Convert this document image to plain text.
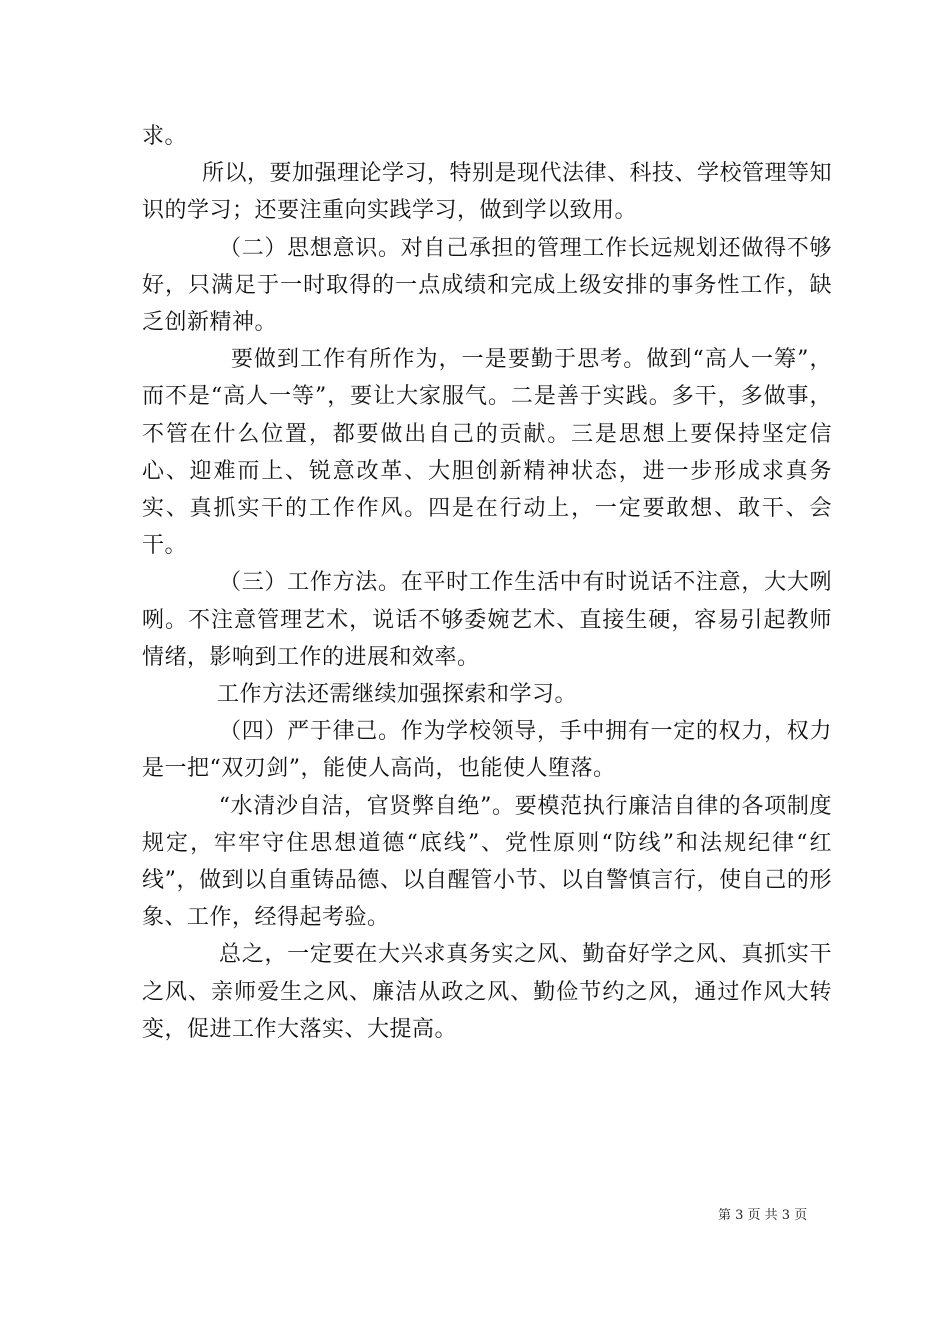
求。

所以，要加强理论学习，特别是现代法律、科技、学校管理等知识的学习；还要注重向实践学习，做到学以致用。

（二）思想意识。对自己承担的管理工作长远规划还做得不够好，只满足于一时取得的一点成绩和完成上级安排的事务性工作，缺乏创新精神。

要做到工作有所作为，一是要勤于思考。做到“高人一筹”，而不是“高人一等”，要让大家服气。二是善于实践。多干，多做事，不管在什么位置，都要做出自己的贡献。三是思想上要保持坚定信心、迎难而上、锐意改革、大胆创新精神状态，进一步形成求真务实、真抓实干的工作作风。四是在行动上，一定要敢想、敢干、会干。

（三）工作方法。在平时工作生活中有时说话不注意，大大咧咧。不注意管理艺术，说话不够委婉艺术、直接生硬，容易引起教师情绪，影响到工作的进展和效率。

工作方法还需继续加强探索和学习。

（四）严于律己。作为学校领导，手中拥有一定的权力，权力是一把“双刃剑”，能使人高尚，也能使人堕落。

“水清沙自洁，官贤弊自绝”。要模范执行廉洁自律的各项制度规定，牢牢守住思想道德“底线”、党性原则“防线”和法规纪律“红线”，做到以自重铸品德、以自醒管小节、以自警慎言行，使自己的形象、工作，经得起考验。

总之，一定要在大兴求真务实之风、勤奋好学之风、真抓实干之风、亲师爱生之风、廉洁从政之风、勤俭节约之风，通过作风大转变，促进工作大落实、大提高。

第 3 页 共 3 页
